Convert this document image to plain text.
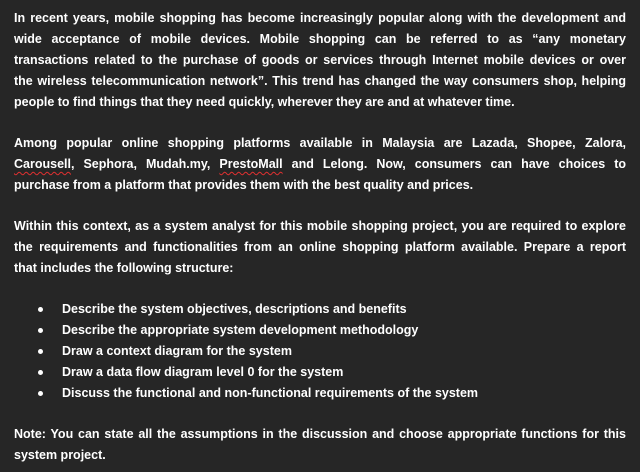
In recent years, mobile shopping has become increasingly popular along with the development and
wide acceptance of mobile devices. Mobile shopping can be referred to as “any monetary
transactions related to the purchase of goods or services through Internet mobile devices or over
the wireless telecommunication network”. This trend has changed the way consumers shop, helping
people to find things that they need quickly, wherever they are and at whatever time.

Among popular online shopping platforms available in Malaysia are Lazada, Shopee, Zalora,
Carousell, Sephora, Mudah.my, PrestoMall and Lelong. Now, consumers can have choices to
purchase from a platform that provides them with the best quality and prices.

Within this context, as a system analyst for this mobile shopping project, you are required to explore
the requirements and functionalities from an online shopping platform available. Prepare a report
that includes the following structure:

Describe the system objectives, descriptions and benefits
Describe the appropriate system development methodology
Draw a context diagram for the system
Draw a data flow diagram level 0 for the system
Discuss the functional and non-functional requirements of the system

Note: You can state all the assumptions in the discussion and choose appropriate functions for this
system project.
